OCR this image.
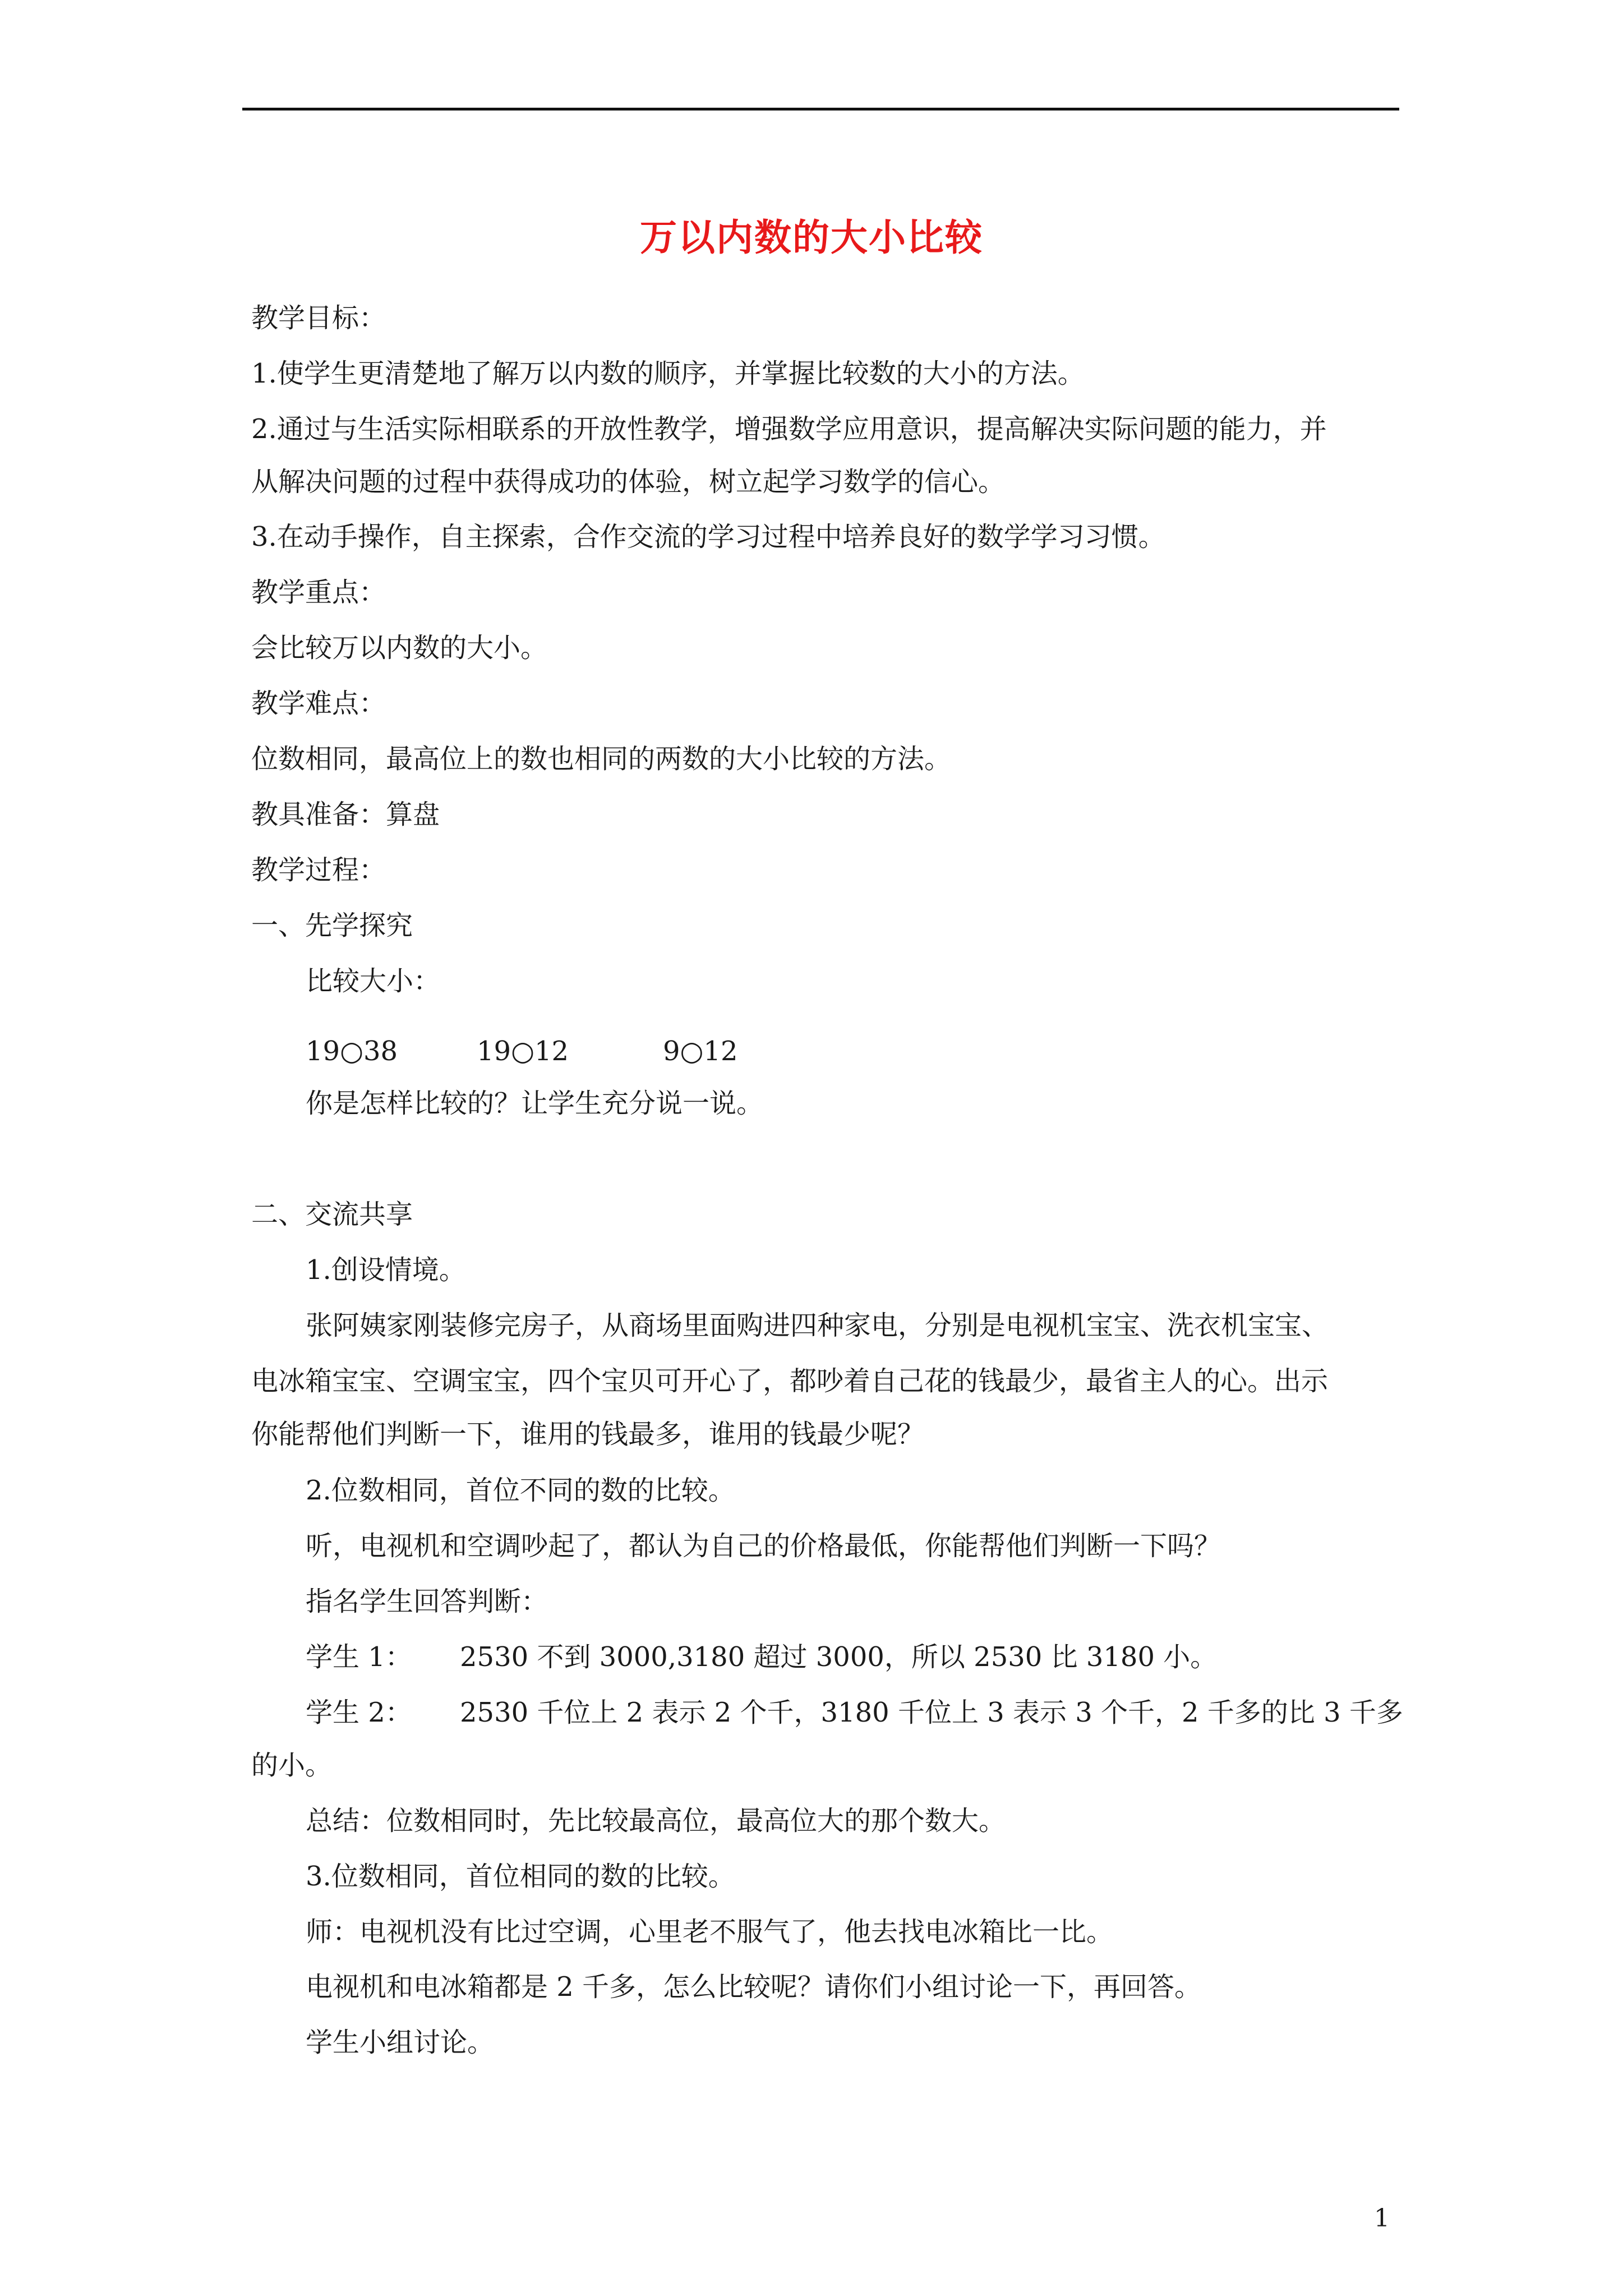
万以内数的大小比较
教学目标：
1.使学生更清楚地了解万以内数的顺序，并掌握比较数的大小的方法。
2.通过与生活实际相联系的开放性教学，增强数学应用意识，提高解决实际问题的能力，并
从解决问题的过程中获得成功的体验，树立起学习数学的信心。
3.在动手操作，自主探索，合作交流的学习过程中培养良好的数学学习习惯。
教学重点：
会比较万以内数的大小。
教学难点：
位数相同，最高位上的数也相同的两数的大小比较的方法。
教具准备：算盘
教学过程：
一、先学探究
比较大小：
19○38	19○12	9○12
你是怎样比较的？让学生充分说一说。
二、交流共享
1.创设情境。
张阿姨家刚装修完房子，从商场里面购进四种家电，分别是电视机宝宝、洗衣机宝宝、
电冰箱宝宝、空调宝宝，四个宝贝可开心了，都吵着自己花的钱最少，最省主人的心。出示
你能帮他们判断一下，谁用的钱最多，谁用的钱最少呢？
2.位数相同，首位不同的数的比较。
听，电视机和空调吵起了，都认为自己的价格最低，你能帮他们判断一下吗？
指名学生回答判断：
学生 1： 2530 不到 3000,3180 超过 3000，所以 2530 比 3180 小。
学生 2： 2530 千位上 2 表示 2 个千，3180 千位上 3 表示 3 个千，2 千多的比 3 千多
的小。
总结：位数相同时，先比较最高位，最高位大的那个数大。
3.位数相同，首位相同的数的比较。
师：电视机没有比过空调，心里老不服气了，他去找电冰箱比一比。
电视机和电冰箱都是 2 千多，怎么比较呢？请你们小组讨论一下，再回答。
学生小组讨论。
1
